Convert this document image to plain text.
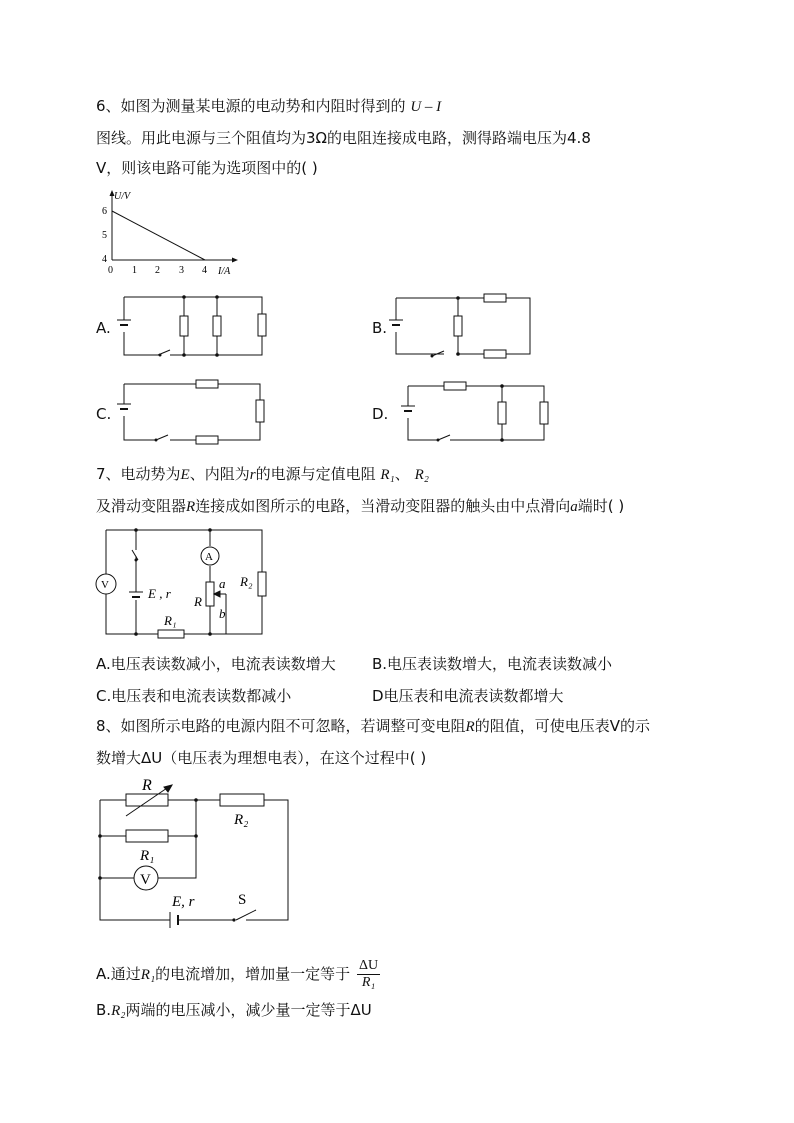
6、如图为测量某电源的电动势和内阻时得到的 U – I
图线。用此电源与三个阻值均为3Ω的电阻连接成电路，测得路端电压为4.8
V，则该电路可能为选项图中的( )
U/V
I/A
6
5
4
0 1 2 3 4
A.	B.
C.	D.
7、电动势为E、内阻为r的电源与定值电阻 R₁、 R₂
及滑动变阻器R连接成如图所示的电路，当滑动变阻器的触头由中点滑向a端时( )
V
A
E , r
R
a
b
R₁
R₂
A.电压表读数减小，电流表读数增大 B.电压表读数增大，电流表读数减小
C.电压表和电流表读数都减小	D电压表和电流表读数都增大
8、如图所示电路的电源内阻不可忽略，若调整可变电阻R的阻值，可使电压表V的示
数增大ΔU（电压表为理想电表），在这个过程中( )
R
R₂
R₁
V
E, r	S
A.通过R₁的电流增加，增加量一定等于 $\frac{\Delta U}{\text{R₁}}$
B.R₂两端的电压减小，减少量一定等于ΔU
